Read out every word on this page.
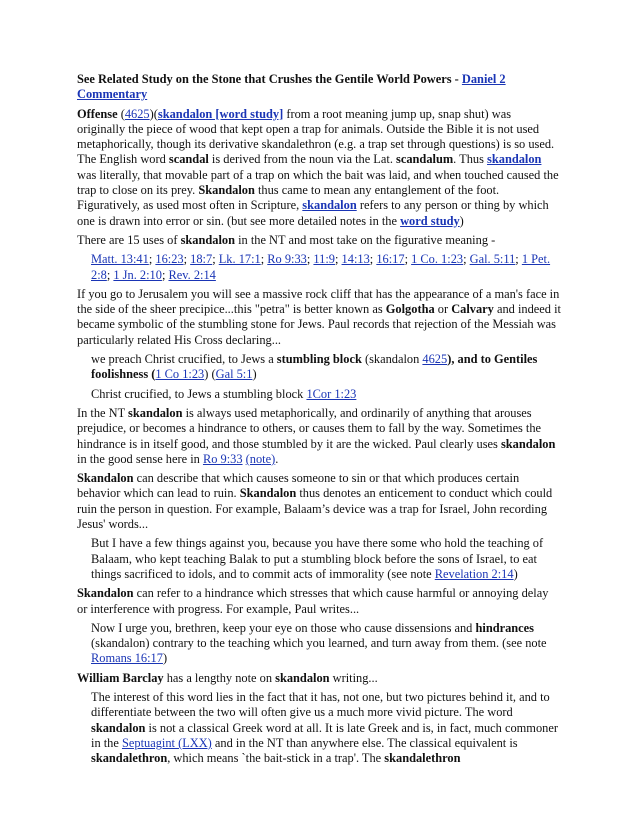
See Related Study on the Stone that Crushes the Gentile World Powers - Daniel 2 Commentary

Offense (4625)(skandalon [word study] from a root meaning jump up, snap shut) was originally the piece of wood that kept open a trap for animals. Outside the Bible it is not used metaphorically, though its derivative skandalethron (e.g. a trap set through questions) is so used. The English word scandal is derived from the noun via the Lat. scandalum. Thus skandalon was literally, that movable part of a trap on which the bait was laid, and when touched caused the trap to close on its prey. Skandalon thus came to mean any entanglement of the foot. Figuratively, as used most often in Scripture, skandalon refers to any person or thing by which one is drawn into error or sin. (but see more detailed notes in the word study)

There are 15 uses of skandalon in the NT and most take on the figurative meaning -

Matt. 13:41; 16:23; 18:7; Lk. 17:1; Ro 9:33; 11:9; 14:13; 16:17; 1 Co. 1:23; Gal. 5:11; 1 Pet. 2:8; 1 Jn. 2:10; Rev. 2:14

If you go to Jerusalem you will see a massive rock cliff that has the appearance of a man's face in the side of the sheer precipice...this "petra" is better known as Golgotha or Calvary and indeed it became symbolic of the stumbling stone for Jews. Paul records that rejection of the Messiah was particularly related His Cross declaring...

we preach Christ crucified, to Jews a stumbling block (skandalon 4625), and to Gentiles foolishness (1 Co 1:23) (Gal 5:1)

Christ crucified, to Jews a stumbling block 1Cor 1:23

In the NT skandalon is always used metaphorically, and ordinarily of anything that arouses prejudice, or becomes a hindrance to others, or causes them to fall by the way. Sometimes the hindrance is in itself good, and those stumbled by it are the wicked. Paul clearly uses skandalon in the good sense here in Ro 9:33 (note).

Skandalon can describe that which causes someone to sin or that which produces certain behavior which can lead to ruin. Skandalon thus denotes an enticement to conduct which could ruin the person in question. For example, Balaam’s device was a trap for Israel, John recording Jesus' words...

But I have a few things against you, because you have there some who hold the teaching of Balaam, who kept teaching Balak to put a stumbling block before the sons of Israel, to eat things sacrificed to idols, and to commit acts of immorality (see note Revelation 2:14)

Skandalon can refer to a hindrance which stresses that which cause harmful or annoying delay or interference with progress. For example, Paul writes...

Now I urge you, brethren, keep your eye on those who cause dissensions and hindrances (skandalon) contrary to the teaching which you learned, and turn away from them. (see note Romans 16:17)

William Barclay has a lengthy note on skandalon writing...

The interest of this word lies in the fact that it has, not one, but two pictures behind it, and to differentiate between the two will often give us a much more vivid picture. The word skandalon is not a classical Greek word at all. It is late Greek and is, in fact, much commoner in the Septuagint (LXX) and in the NT than anywhere else. The classical equivalent is skandalethron, which means `the bait-stick in a trap'. The skandalethron
